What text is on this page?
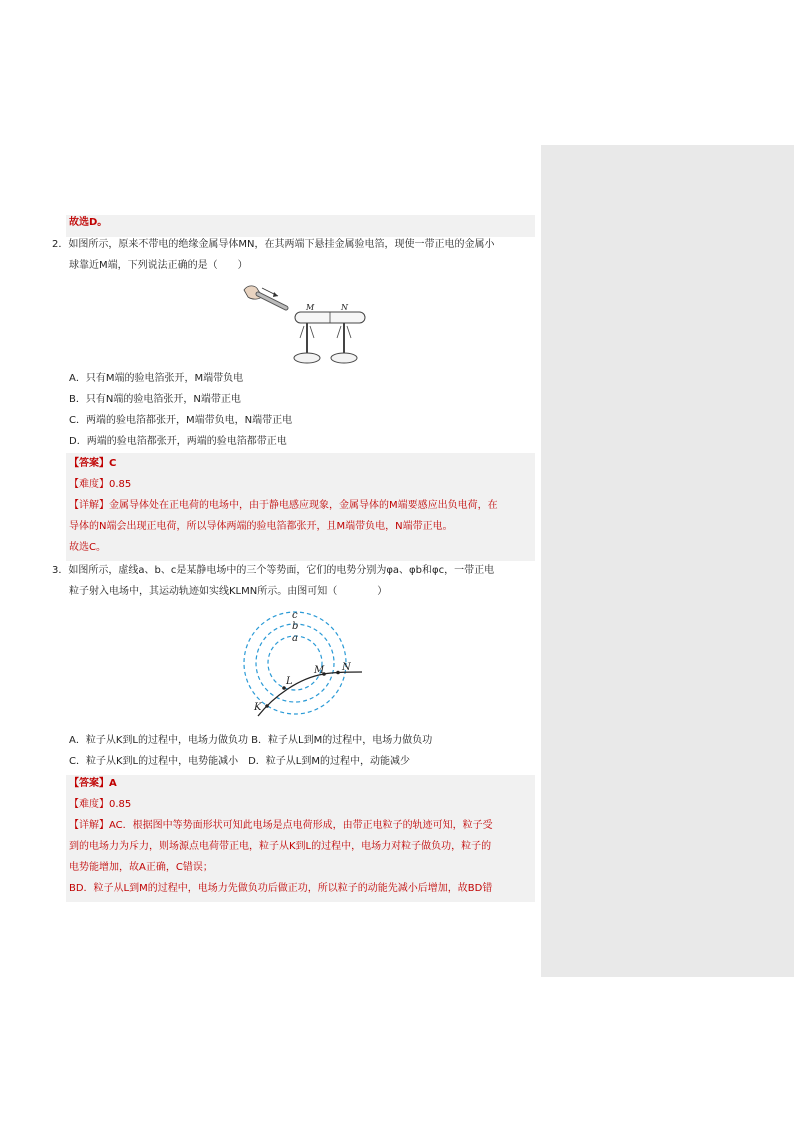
故选D。
2．如图所示，原来不带电的绝缘金属导体MN，在其两端下悬挂金属验电箔，现使一带正电的金属小
球靠近M端，下列说法正确的是（　　）
M	N
A．只有M端的验电箔张开，M端带负电
B．只有N端的验电箔张开，N端带正电
C．两端的验电箔都张开，M端带负电，N端带正电
D．两端的验电箔都张开，两端的验电箔都带正电
【答案】C
【难度】0.85
【详解】金属导体处在正电荷的电场中，由于静电感应现象，金属导体的M端要感应出负电荷，在
导体的N端会出现正电荷，所以导体两端的验电箔都张开，且M端带负电，N端带正电。
故选C。
3．如图所示，虚线a、b、c是某静电场中的三个等势面，它们的电势分别为φa、φb和φc，一带正电
粒子射入电场中，其运动轨迹如实线KLMN所示。由图可知（　　　　）
c
b
a
K
L
M N
A．粒子从K到L的过程中，电场力做负功 B．粒子从L到M的过程中，电场力做负功
C．粒子从K到L的过程中，电势能减小　D．粒子从L到M的过程中，动能减少
【答案】A
【难度】0.85
【详解】AC．根据图中等势面形状可知此电场是点电荷形成，由带正电粒子的轨迹可知，粒子受
到的电场力为斥力，则场源点电荷带正电，粒子从K到L的过程中，电场力对粒子做负功，粒子的
电势能增加，故A正确，C错误；
BD．粒子从L到M的过程中，电场力先做负功后做正功，所以粒子的动能先减小后增加，故BD错
